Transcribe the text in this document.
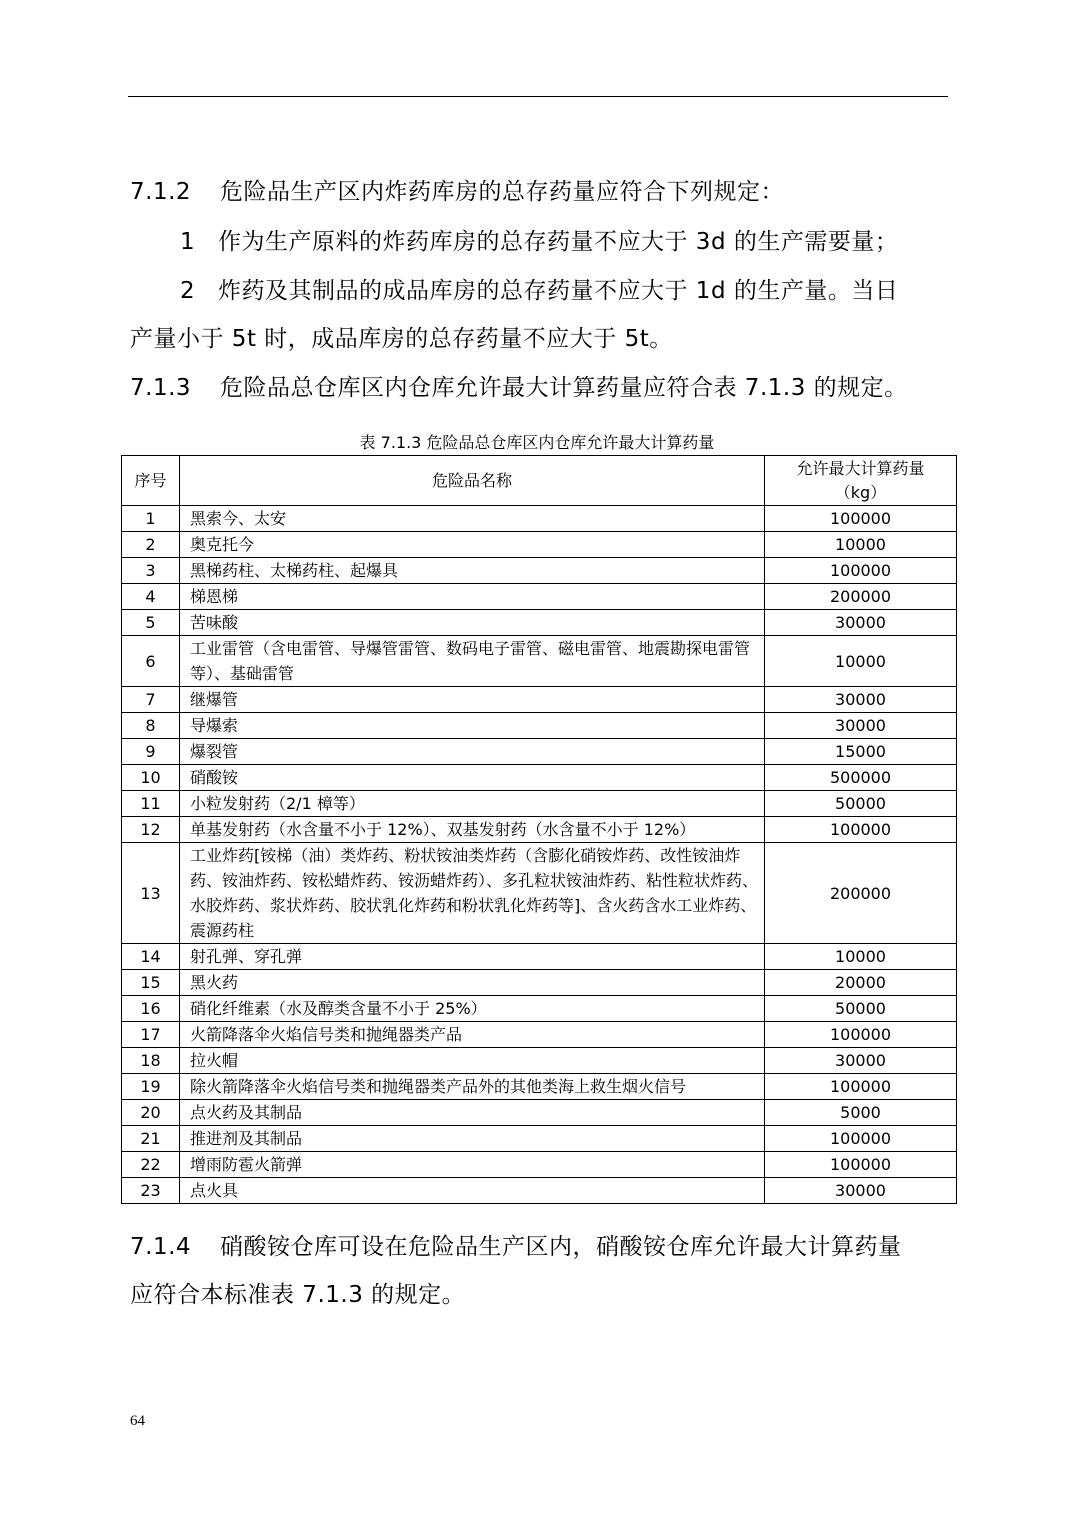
7.1.2 危险品生产区内炸药库房的总存药量应符合下列规定：
1 作为生产原料的炸药库房的总存药量不应大于 3d 的生产需要量；
2 炸药及其制品的成品库房的总存药量不应大于 1d 的生产量。当日
产量小于 5t 时，成品库房的总存药量不应大于 5t。
7.1.3 危险品总仓库区内仓库允许最大计算药量应符合表 7.1.3 的规定。
表 7.1.3 危险品总仓库区内仓库允许最大计算药量
序号	危险品名称	允许最大计算药量
（kg）
1	黑索今、太安	100000
2	奥克托今	10000
3	黑梯药柱、太梯药柱、起爆具	100000
4	梯恩梯	200000
5	苦味酸	30000
6	工业雷管（含电雷管、导爆管雷管、数码电子雷管、磁电雷管、地震勘探电雷管等）、基础雷管	10000
7	继爆管	30000
8	导爆索	30000
9	爆裂管	15000
10	硝酸铵	500000
11	小粒发射药（2/1 樟等）	50000
12	单基发射药（水含量不小于 12%）、双基发射药（水含量不小于 12%）	100000
13	工业炸药[铵梯（油）类炸药、粉状铵油类炸药（含膨化硝铵炸药、改性铵油炸药、铵油炸药、铵松蜡炸药、铵沥蜡炸药）、多孔粒状铵油炸药、粘性粒状炸药、水胶炸药、浆状炸药、胶状乳化炸药和粉状乳化炸药等]、含火药含水工业炸药、震源药柱	200000
14	射孔弹、穿孔弹	10000
15	黑火药	20000
16	硝化纤维素（水及醇类含量不小于 25%）	50000
17	火箭降落伞火焰信号类和抛绳器类产品	100000
18	拉火帽	30000
19	除火箭降落伞火焰信号类和抛绳器类产品外的其他类海上救生烟火信号	100000
20	点火药及其制品	5000
21	推进剂及其制品	100000
22	增雨防雹火箭弹	100000
23	点火具	30000
7.1.4 硝酸铵仓库可设在危险品生产区内，硝酸铵仓库允许最大计算药量
应符合本标准表 7.1.3 的规定。
64
